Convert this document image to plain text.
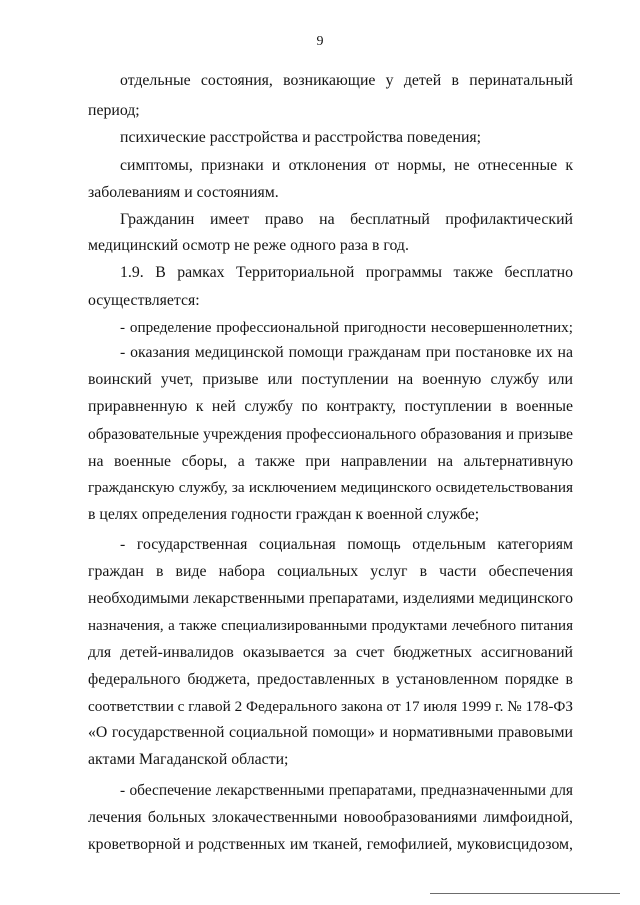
9
отдельные состояния, возникающие у детей в перинатальный
период;
психические расстройства и расстройства поведения;
симптомы, признаки и отклонения от нормы, не отнесенные к
заболеваниям и состояниям.
Гражданин имеет право на бесплатный профилактический
медицинский осмотр не реже одного раза в год.
1.9. В рамках Территориальной программы также бесплатно
осуществляется:
- определение профессиональной пригодности несовершеннолетних;
- оказания медицинской помощи гражданам при постановке их на
воинский учет, призыве или поступлении на военную службу или
приравненную к ней службу по контракту, поступлении в военные
образовательные учреждения профессионального образования и призыве
на военные сборы, а также при направлении на альтернативную
гражданскую службу, за исключением медицинского освидетельствования
в целях определения годности граждан к военной службе;
- государственная социальная помощь отдельным категориям
граждан в виде набора социальных услуг в части обеспечения
необходимыми лекарственными препаратами, изделиями медицинского
назначения, а также специализированными продуктами лечебного питания
для детей-инвалидов оказывается за счет бюджетных ассигнований
федерального бюджета, предоставленных в установленном порядке в
соответствии с главой 2 Федерального закона от 17 июля 1999 г. № 178-ФЗ
«О государственной социальной помощи» и нормативными правовыми
актами Магаданской области;
- обеспечение лекарственными препаратами, предназначенными для
лечения больных злокачественными новообразованиями лимфоидной,
кроветворной и родственных им тканей, гемофилией, муковисцидозом,
